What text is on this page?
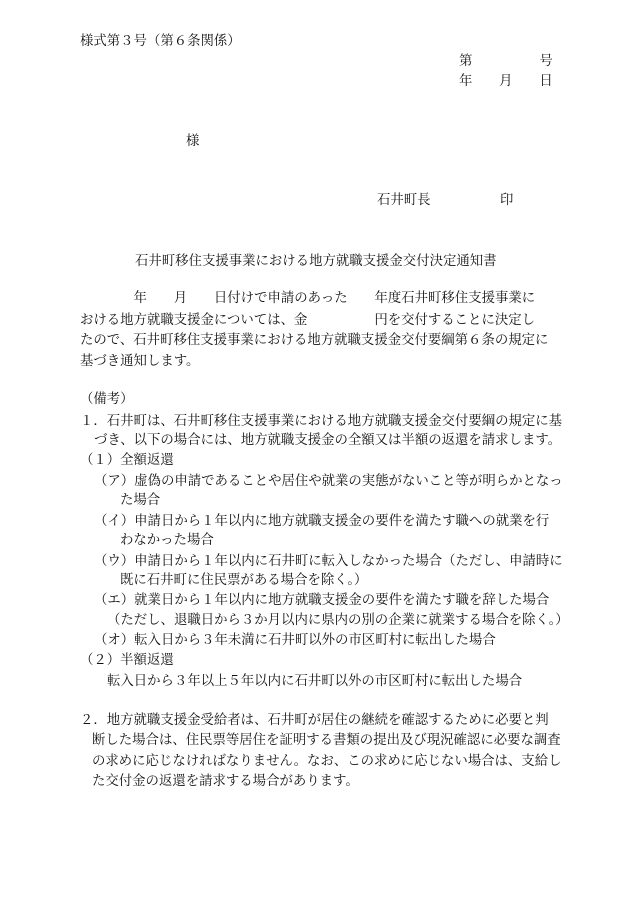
様式第３号（第６条関係）
第　　　　　号
年　　月　　日
様
石井町長	印
石井町移住支援事業における地方就職支援金交付決定通知書
　　　　年　　月　　日付けで申請のあった　　年度石井町移住支援事業に
おける地方就職支援金については、金　　　　　円を交付することに決定し
たので、石井町移住支援事業における地方就職支援金交付要綱第６条の規定に
基づき通知します。
（備考）
１．石井町は、石井町移住支援事業における地方就職支援金交付要綱の規定に基
づき、以下の場合には、地方就職支援金の全額又は半額の返還を請求します。
（１）全額返還
（ア）虚偽の申請であることや居住や就業の実態がないこと等が明らかとなっ
た場合
（イ）申請日から１年以内に地方就職支援金の要件を満たす職への就業を行
わなかった場合
（ウ）申請日から１年以内に石井町に転入しなかった場合（ただし、申請時に
既に石井町に住民票がある場合を除く。）
（エ）就業日から１年以内に地方就職支援金の要件を満たす職を辞した場合
（ただし、退職日から３か月以内に県内の別の企業に就業する場合を除く。）
（オ）転入日から３年未満に石井町以外の市区町村に転出した場合
（２）半額返還
転入日から３年以上５年以内に石井町以外の市区町村に転出した場合
２．地方就職支援金受給者は、石井町が居住の継続を確認するために必要と判
断した場合は、住民票等居住を証明する書類の提出及び現況確認に必要な調査
の求めに応じなければなりません。なお、この求めに応じない場合は、支給し
た交付金の返還を請求する場合があります。
